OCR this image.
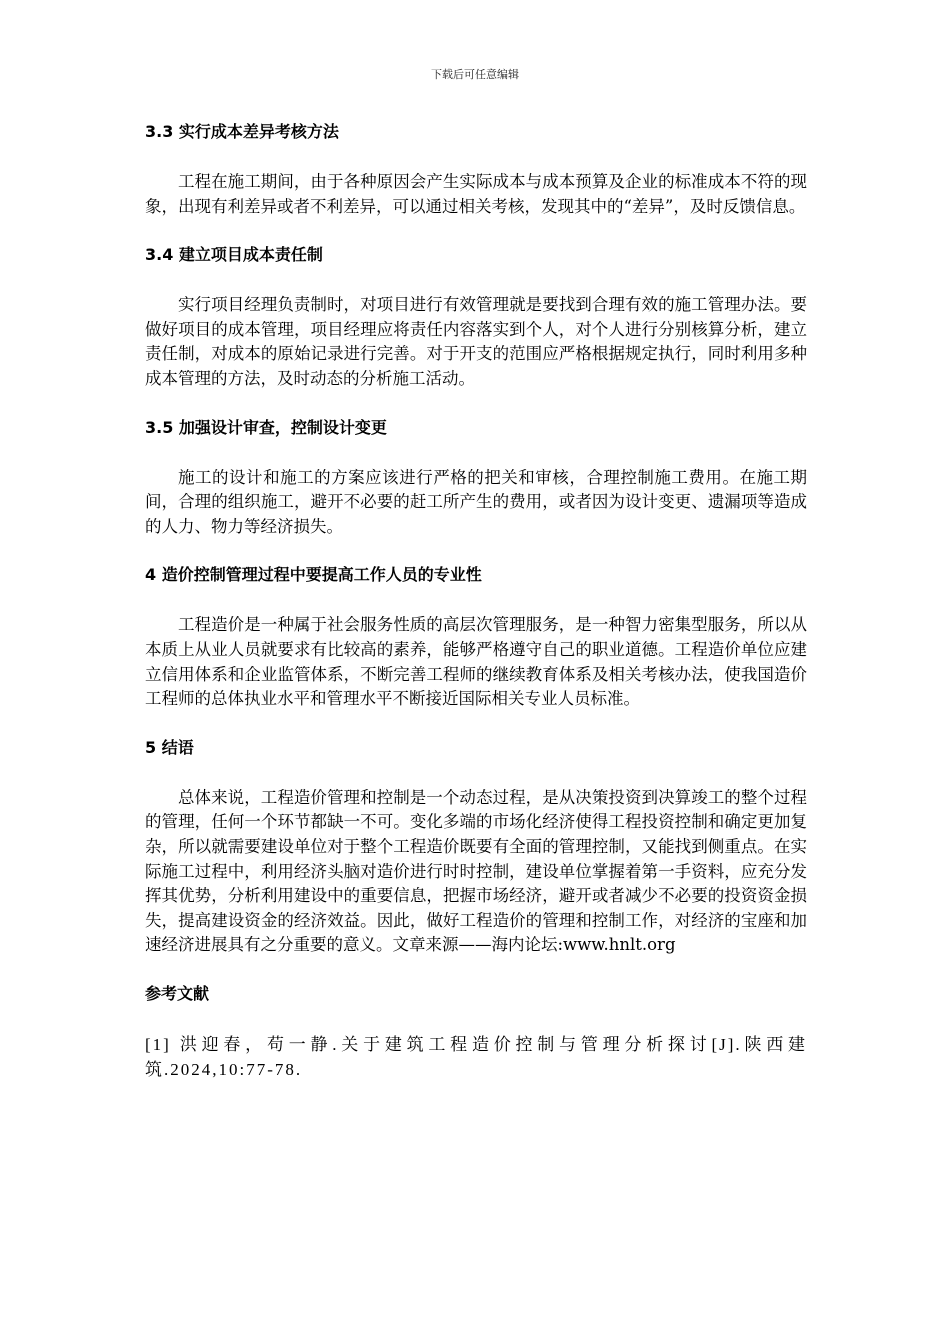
下载后可任意编辑
3.3 实行成本差异考核方法

工程在施工期间，由于各种原因会产生实际成本与成本预算及企业的标准成本不符的现象，出现有利差异或者不利差异，可以通过相关考核，发现其中的“差异”，及时反馈信息。

3.4 建立项目成本责任制

实行项目经理负责制时，对项目进行有效管理就是要找到合理有效的施工管理办法。要做好项目的成本管理，项目经理应将责任内容落实到个人，对个人进行分别核算分析，建立责任制，对成本的原始记录进行完善。对于开支的范围应严格根据规定执行，同时利用多种成本管理的方法，及时动态的分析施工活动。

3.5 加强设计审查，控制设计变更

施工的设计和施工的方案应该进行严格的把关和审核，合理控制施工费用。在施工期间，合理的组织施工，避开不必要的赶工所产生的费用，或者因为设计变更、遗漏项等造成的人力、物力等经济损失。

4 造价控制管理过程中要提高工作人员的专业性

工程造价是一种属于社会服务性质的高层次管理服务，是一种智力密集型服务，所以从本质上从业人员就要求有比较高的素养，能够严格遵守自己的职业道德。工程造价单位应建立信用体系和企业监管体系，不断完善工程师的继续教育体系及相关考核办法，使我国造价工程师的总体执业水平和管理水平不断接近国际相关专业人员标准。

5 结语

总体来说，工程造价管理和控制是一个动态过程，是从决策投资到决算竣工的整个过程的管理，任何一个环节都缺一不可。变化多端的市场化经济使得工程投资控制和确定更加复杂，所以就需要建设单位对于整个工程造价既要有全面的管理控制，又能找到侧重点。在实际施工过程中，利用经济头脑对造价进行时时控制，建设单位掌握着第一手资料，应充分发挥其优势，分析利用建设中的重要信息，把握市场经济，避开或者减少不必要的投资资金损失，提高建设资金的经济效益。因此，做好工程造价的管理和控制工作，对经济的宝座和加速经济进展具有之分重要的意义。文章来源——海内论坛:www.hnlt.org

参考文献

[1] 洪迎春，苟一静.关于建筑工程造价控制与管理分析探讨[J].陕西建筑.2024,10:77-78.
